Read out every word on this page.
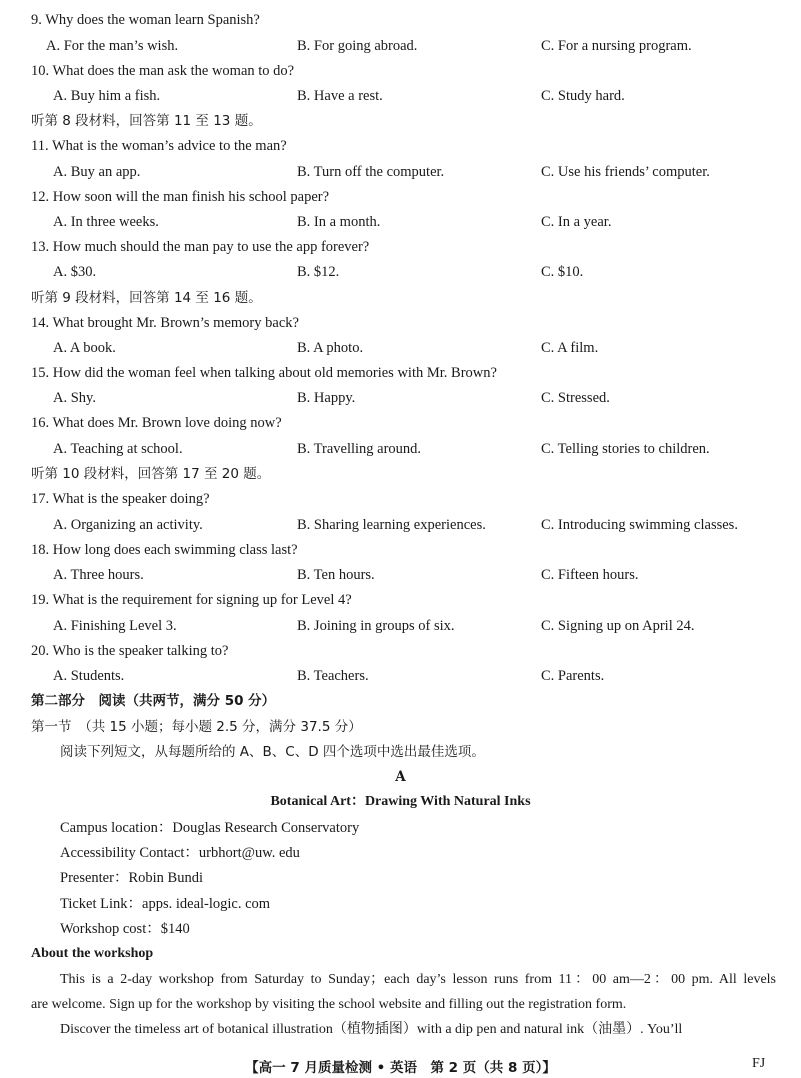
9. Why does the woman learn Spanish?
A. For the man’s wish.	B. For going abroad.	C. For a nursing program.
10. What does the man ask the woman to do?
A. Buy him a fish.	B. Have a rest.	C. Study hard.
听第 8 段材料，回答第 11 至 13 题。
11. What is the woman’s advice to the man?
A. Buy an app.	B. Turn off the computer.	C. Use his friends’ computer.
12. How soon will the man finish his school paper?
A. In three weeks.	B. In a month.	C. In a year.
13. How much should the man pay to use the app forever?
A. $30.	B. $12.	C. $10.
听第 9 段材料，回答第 14 至 16 题。
14. What brought Mr. Brown’s memory back?
A. A book.	B. A photo.	C. A film.
15. How did the woman feel when talking about old memories with Mr. Brown?
A. Shy.	B. Happy.	C. Stressed.
16. What does Mr. Brown love doing now?
A. Teaching at school.	B. Travelling around.	C. Telling stories to children.
听第 10 段材料，回答第 17 至 20 题。
17. What is the speaker doing?
A. Organizing an activity.	B. Sharing learning experiences.	C. Introducing swimming classes.
18. How long does each swimming class last?
A. Three hours.	B. Ten hours.	C. Fifteen hours.
19. What is the requirement for signing up for Level 4?
A. Finishing Level 3.	B. Joining in groups of six.	C. Signing up on April 24.
20. Who is the speaker talking to?
A. Students.	B. Teachers.	C. Parents.
第二部分　阅读（共两节，满分 50 分）
第一节　（共 15 小题；每小题 2.5 分，满分 37.5 分）
阅读下列短文，从每题所给的 A、B、C、D 四个选项中选出最佳选项。
A
Botanical Art：Drawing With Natural Inks
Campus location：Douglas Research Conservatory
Accessibility Contact：urbhort@uw. edu
Presenter：Robin Bundi
Ticket Link：apps. ideal-logic. com
Workshop cost：$140
About the workshop
This is a 2-day workshop from Saturday to Sunday；each day’s lesson runs from 11：00 am—2：00 pm. All levels
are welcome. Sign up for the workshop by visiting the school website and filling out the registration form.
Discover the timeless art of botanical illustration（植物插图）with a dip pen and natural ink（油墨）. You’ll
【高一 7 月质量检测 • 英语　第 2 页（共 8 页）】	FJ
